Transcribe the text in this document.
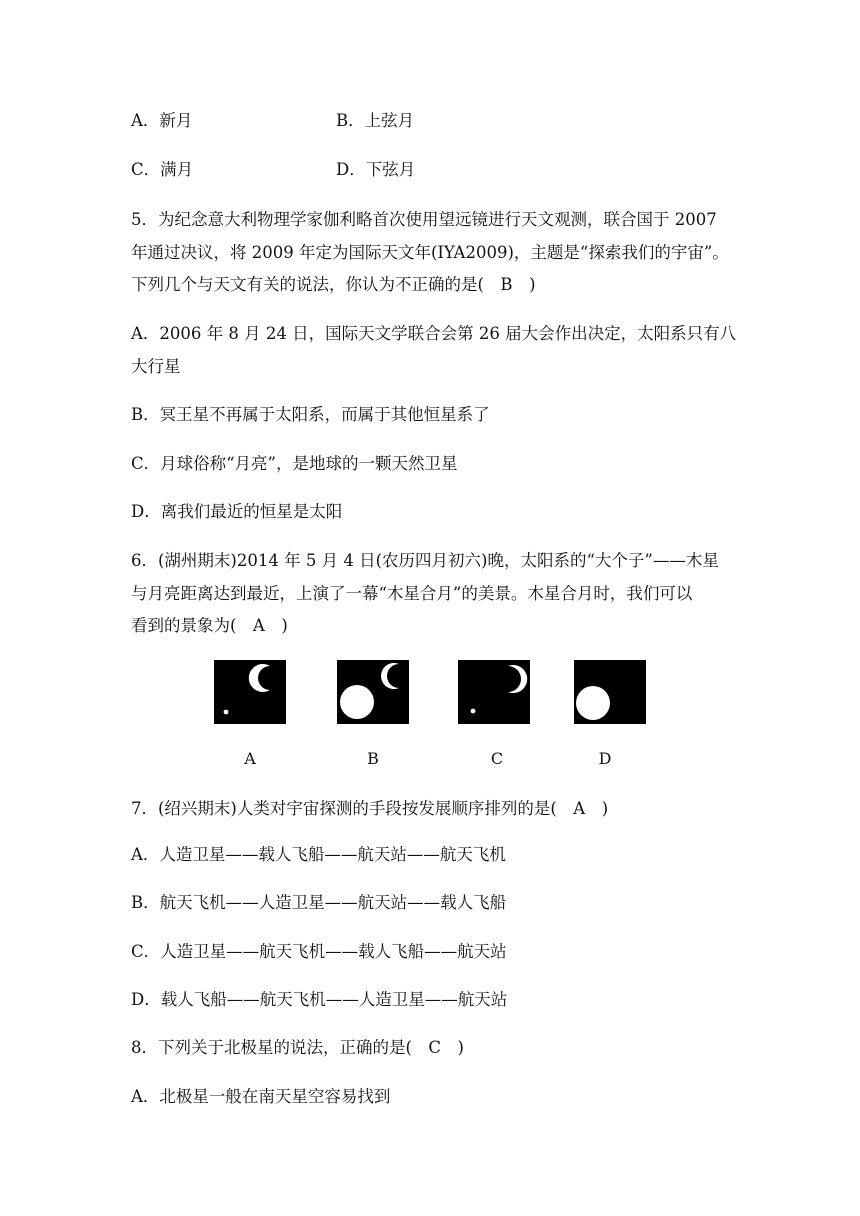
A．新月	B．上弦月
C．满月	D．下弦月
5．为纪念意大利物理学家伽利略首次使用望远镜进行天文观测，联合国于 2007
年通过决议，将 2009 年定为国际天文年(IYA2009)，主题是“探索我们的宇宙”。
下列几个与天文有关的说法，你认为不正确的是(　B　)
A．2006 年 8 月 24 日，国际天文学联合会第 26 届大会作出决定，太阳系只有八
大行星
B．冥王星不再属于太阳系，而属于其他恒星系了
C．月球俗称“月亮”，是地球的一颗天然卫星
D．离我们最近的恒星是太阳
6．(湖州期末)2014 年 5 月 4 日(农历四月初六)晚，太阳系的“大个子”——木星
与月亮距离达到最近，上演了一幕“木星合月”的美景。木星合月时，我们可以
看到的景象为(　A　)
A	B	C	D
7．(绍兴期末)人类对宇宙探测的手段按发展顺序排列的是(　A　)
A．人造卫星——载人飞船——航天站——航天飞机
B．航天飞机——人造卫星——航天站——载人飞船
C．人造卫星——航天飞机——载人飞船——航天站
D．载人飞船——航天飞机——人造卫星——航天站
8．下列关于北极星的说法，正确的是(　C　)
A．北极星一般在南天星空容易找到
